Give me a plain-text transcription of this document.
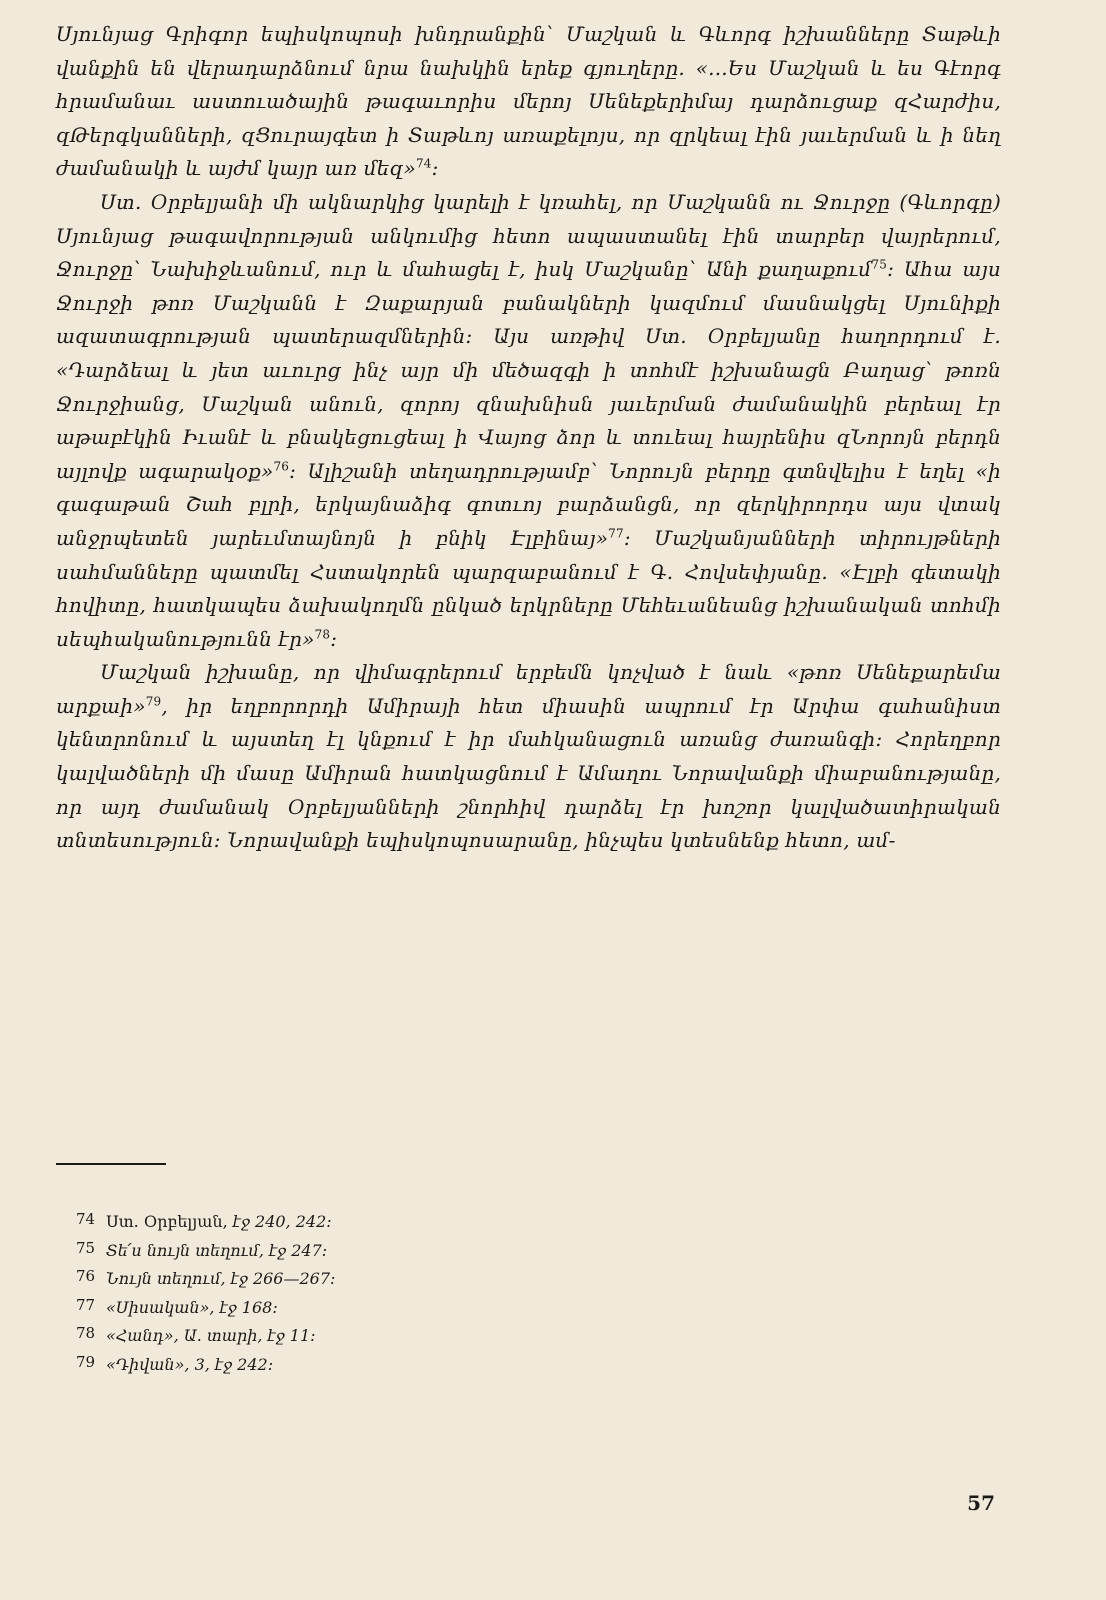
Սյունյաց Գրիգոր եպիսկոպոսի խնդրանքին՝ Մաշկան և Գևորգ իշխանները Տաթևի վանքին են վերադարձնում նրա նախկին երեք գյուղերը. «...Ես Մաշկան և ես Գէորգ հրամանաւ աստուածային թագաւորիս մերոյ Սենեքերիմայ դարձուցաք զՀարժիս, զԹերգկանների, զՑուրայգետ ի Տաթևոյ առաքելոյս, որ զրկեալ էին յաւերման և ի նեղ ժամանակի և այժմ կայր առ մեզ»$^{74}$։

Ստ. Օրբելյանի մի ակնարկից կարելի է կռահել, որ Մաշկանն ու Ջուրջը (Գևորգը) Սյունյաց թագավորության անկումից հետո ապաստանել էին տարբեր վայրերում, Ջուրջը՝ Նախիջևանում, ուր և մահացել է, իսկ Մաշկանը՝ Անի քաղաքում$^{75}$։ Ահա այս Ջուրջի թոռ Մաշկանն է Զաքարյան բանակների կազմում մասնակցել Սյունիքի ազատագրության պատերազմներին։ Այս առթիվ Ստ. Օրբելյանը հաղորդում է. «Դարձեալ և յետ աւուրց ինչ այր մի մեծազգի ի տոհմէ իշխանացն Բաղաց՝ թոռն Ջուրջիանց, Մաշկան անուն, զորոյ զնախնիսն յաւերման ժամանակին բերեալ էր աթաբէկին Իւանէ և բնակեցուցեալ ի Վայոց ձոր և տուեալ հայրենիս զՆորոյն բերդն այլովք ագարակօք»$^{76}$։ Ալիշանի տեղադրությամբ՝ Նորույն բերդը գտնվելիս է եղել «ի գագաթան Շահ բլրի, երկայնաձիգ գոտւոյ բարձանցն, որ զերկիրորդս այս վտակ անջրպետեն յարեւմտայնոյն ի բնիկ Էլբինայ»$^{77}$։ Մաշկանյանների տիրույթների սահմանները պատմել Հստակորեն պարզաբանում է Գ. Հովսեփյանը. «Էլբի գետակի հովիտը, հատկապես ձախակողմն ընկած երկրները Մեհեւանեանց իշխանական տոհմի սեպհականությունն էր»$^{78}$։

Մաշկան իշխանը, որ վիմագրերում երբեմն կոչված է նաև «թոռ Սենեքարեմա արքաի»$^{79}$, իր եղբորորդի Ամիրայի հետ միասին ապրում էր Արփա գահանիստ կենտրոնում և այստեղ էլ կնքում է իր մահկանացուն առանց ժառանգի։ Հորեղբոր կալվածների մի մասը Ամիրան հատկացնում է Ամաղու Նորավանքի միաբանությանը, որ այդ ժամանակ Օրբելյանների շնորհիվ դարձել էր խոշոր կալվածատիրական տնտեսություն։ Նորավանքի եպիսկոպոսարանը, ինչպես կտեսնենք հետո, ամ-

74 Ստ. Օրբելյան, էջ 240, 242։
75 Տե՛ս նույն տեղում, էջ 247։
76 Նույն տեղում, էջ 266—267։
77 «Սիսական», էջ 168։
78 «Հանդ», Ա. տարի, էջ 11։
79 «Դիվան», 3, էջ 242։
57
